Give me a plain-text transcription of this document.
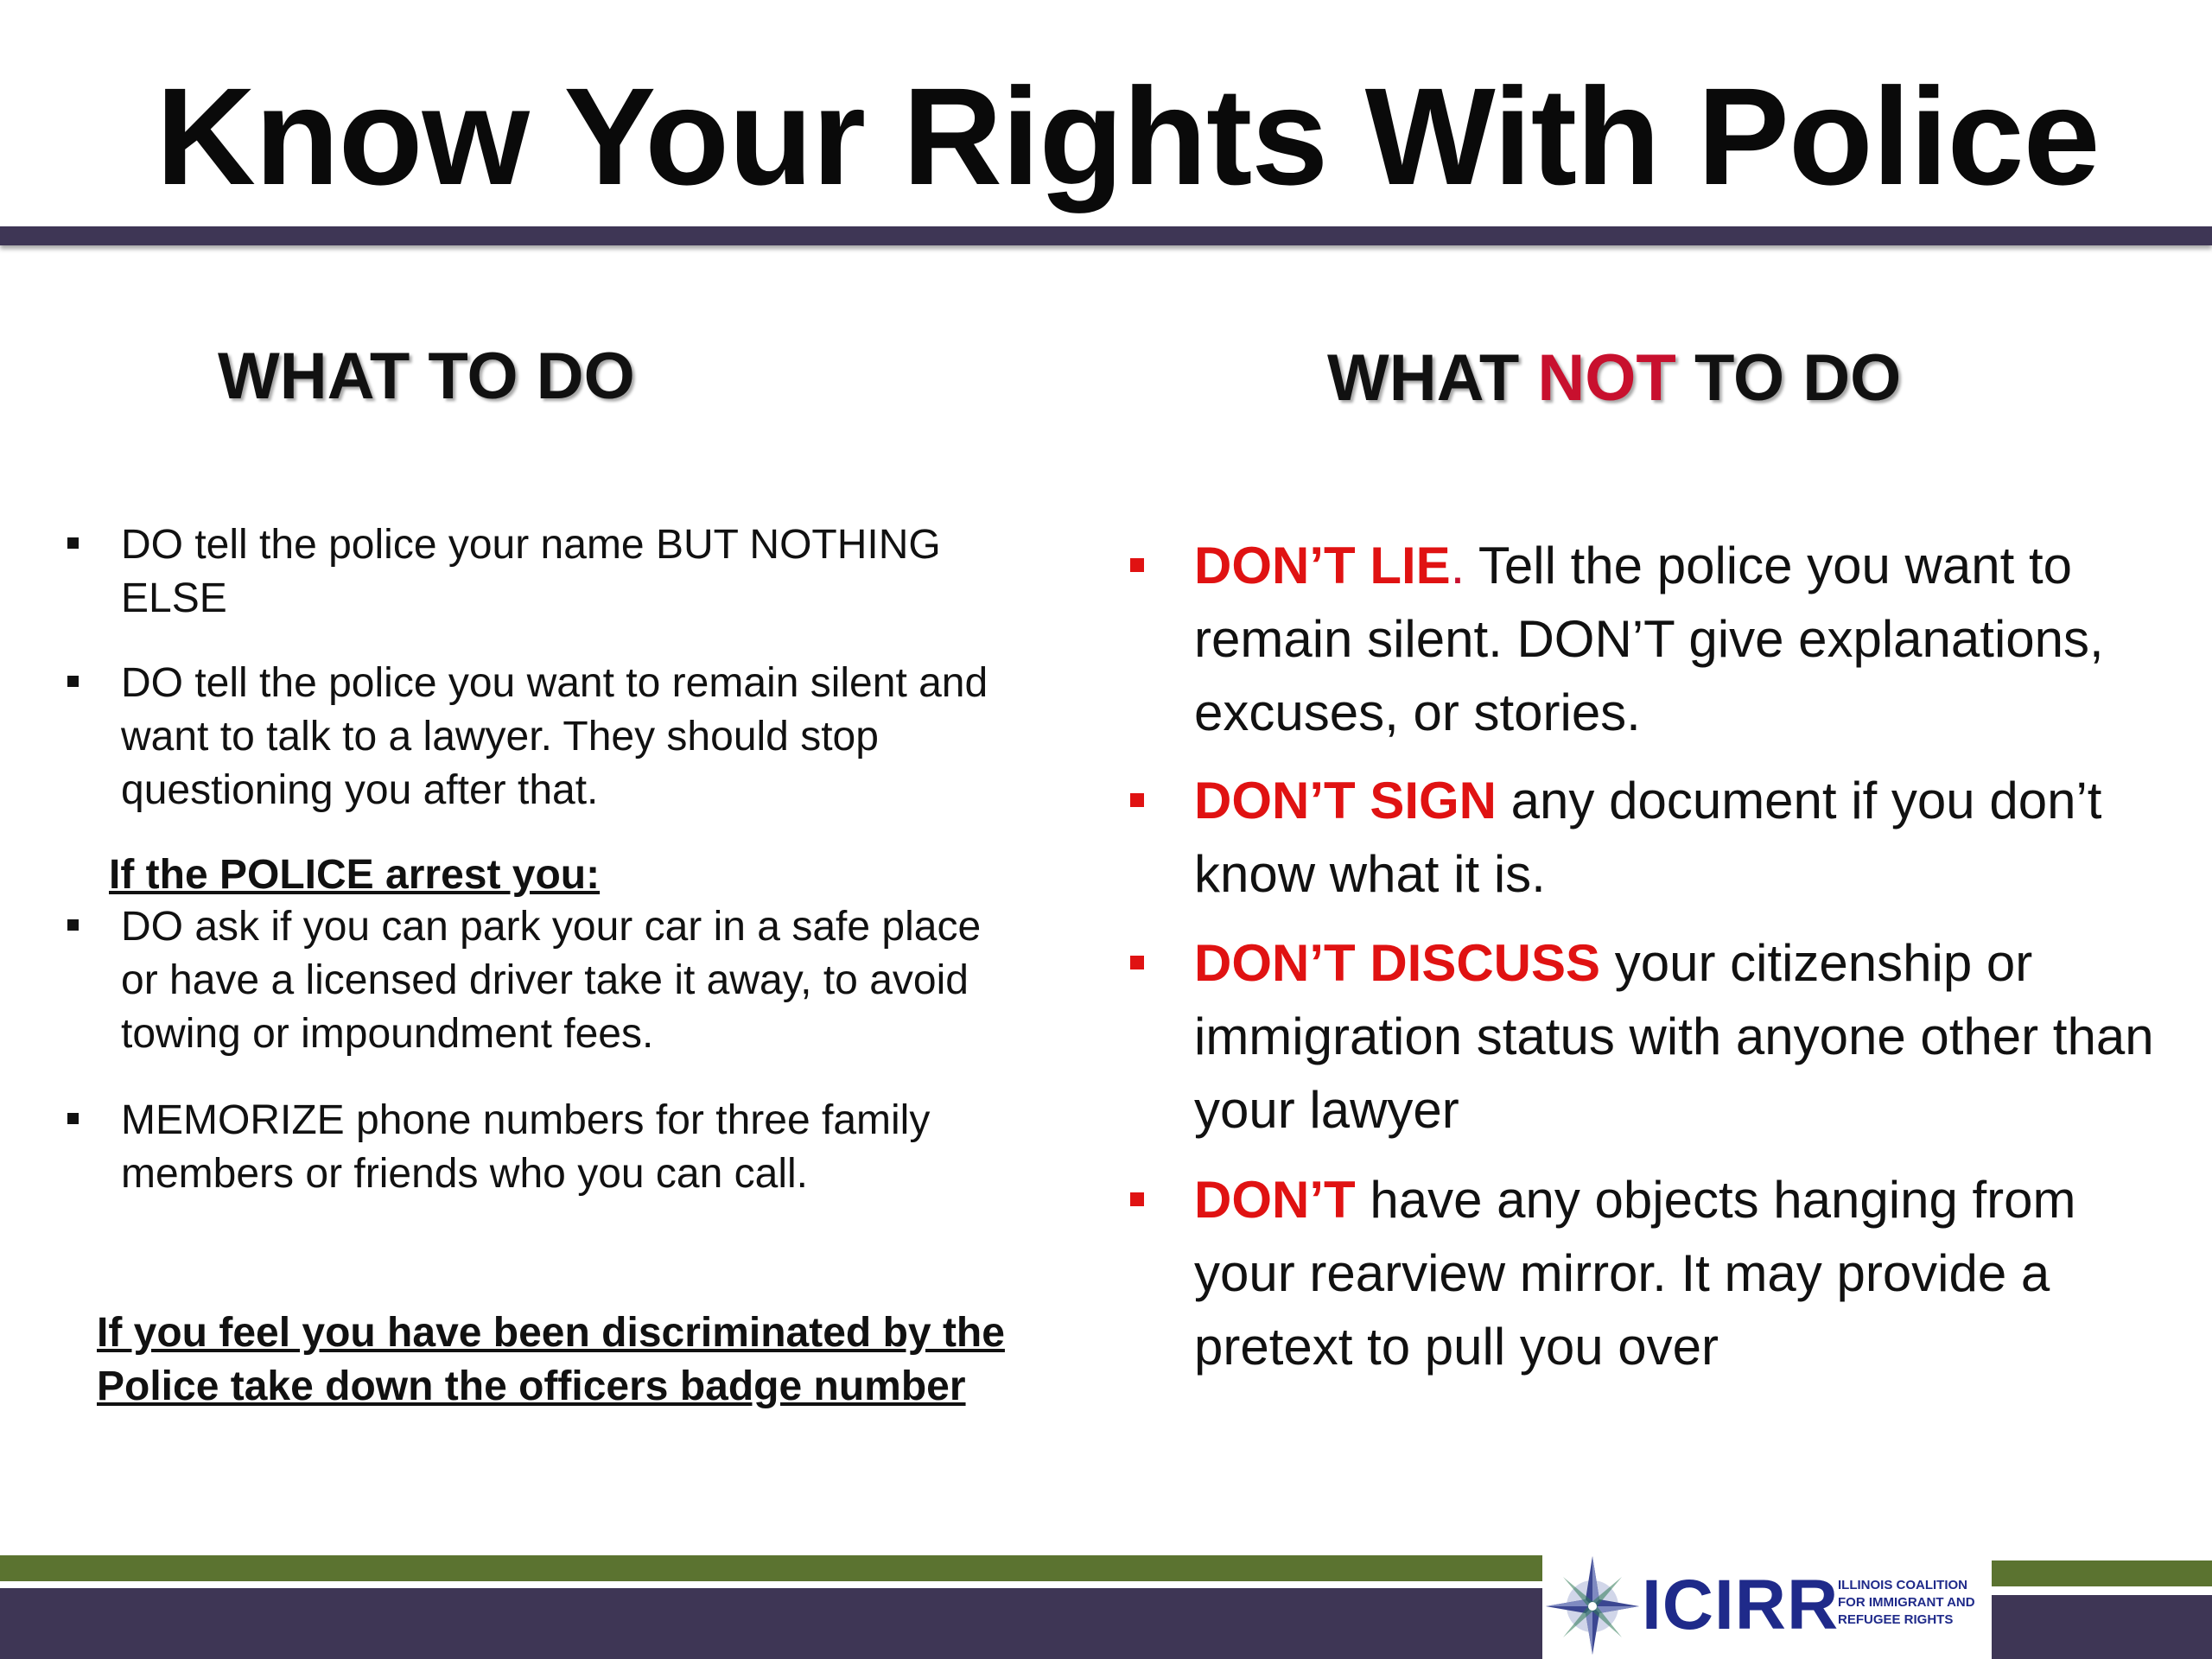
Know Your Rights With Police
WHAT TO DO
DO tell the police your name BUT NOTHING ELSE
DO tell the police you want to remain silent and want to talk to a lawyer. They should stop questioning you after that.
If the POLICE arrest you:
DO ask if you can park your car in a safe place or have a licensed driver take it away, to avoid towing or impoundment fees.
MEMORIZE phone numbers for three family members or friends who you can call.
If you feel you have been discriminated by the Police take down the officers badge number
WHAT NOT TO DO
DON’T LIE. Tell the police you want to remain silent. DON’T give explanations, excuses, or stories.
DON’T SIGN any document if you don’t know what it is.
DON’T DISCUSS your citizenship or immigration status with anyone other than your lawyer
DON’T have any objects hanging from your rearview mirror. It may provide a pretext to pull you over
ICIRR
ILLINOIS COALITION
FOR IMMIGRANT AND
REFUGEE RIGHTS
